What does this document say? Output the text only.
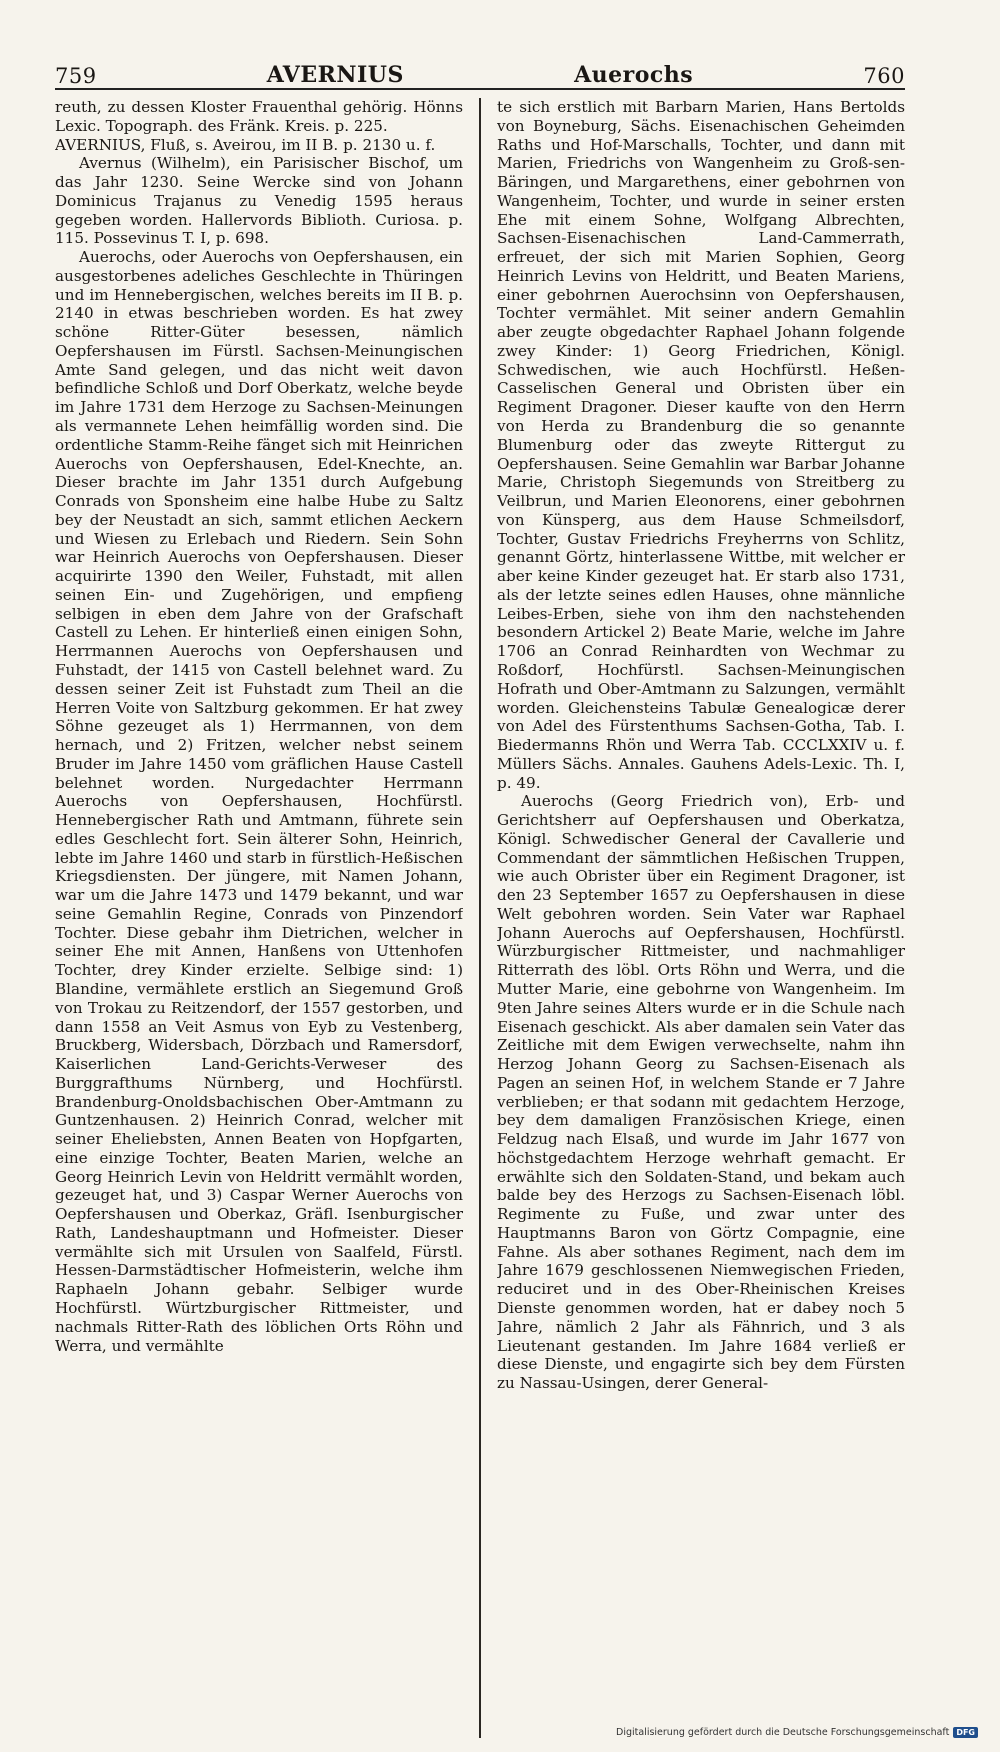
759	AVERNIUS	Auerochs	760

reuth, zu dessen Kloster Frauenthal gehörig. Hönns Lexic. Topograph. des Fränk. Kreis. p. 225.

AVERNIUS, Fluß, s. Aveirou, im II B. p. 2130 u. f.

Avernus (Wilhelm), ein Parisischer Bischof, um das Jahr 1230. Seine Wercke sind von Johann Dominicus Trajanus zu Venedig 1595 heraus gegeben worden. Hallervords Biblioth. Curiosa. p. 115. Possevinus T. I, p. 698.

Auerochs, oder Auerochs von Oepfershausen, ein ausgestorbenes adeliches Geschlechte in Thüringen und im Hennebergischen, welches bereits im II B. p. 2140 in etwas beschrieben worden. Es hat zwey schöne Ritter-Güter besessen, nämlich Oepfershausen im Fürstl. Sachsen-Meinungischen Amte Sand gelegen, und das nicht weit davon befindliche Schloß und Dorf Oberkatz, welche beyde im Jahre 1731 dem Herzoge zu Sachsen-Meinungen als vermannete Lehen heimfällig worden sind. Die ordentliche Stamm-Reihe fänget sich mit Heinrichen Auerochs von Oepfershausen, Edel-Knechte, an. Dieser brachte im Jahr 1351 durch Aufgebung Conrads von Sponsheim eine halbe Hube zu Saltz bey der Neustadt an sich, sammt etlichen Aeckern und Wiesen zu Erlebach und Riedern. Sein Sohn war Heinrich Auerochs von Oepfershausen. Dieser acquirirte 1390 den Weiler, Fuhstadt, mit allen seinen Ein- und Zugehörigen, und empfieng selbigen in eben dem Jahre von der Grafschaft Castell zu Lehen. Er hinterließ einen einigen Sohn, Herrmannen Auerochs von Oepfershausen und Fuhstadt, der 1415 von Castell belehnet ward. Zu dessen seiner Zeit ist Fuhstadt zum Theil an die Herren Voite von Saltzburg gekommen. Er hat zwey Söhne gezeuget als 1) Herrmannen, von dem hernach, und 2) Fritzen, welcher nebst seinem Bruder im Jahre 1450 vom gräflichen Hause Castell belehnet worden. Nurgedachter Herrmann Auerochs von Oepfershausen, Hochfürstl. Hennebergischer Rath und Amtmann, führete sein edles Geschlecht fort. Sein älterer Sohn, Heinrich, lebte im Jahre 1460 und starb in fürstlich-Heßischen Kriegsdiensten. Der jüngere, mit Namen Johann, war um die Jahre 1473 und 1479 bekannt, und war seine Gemahlin Regine, Conrads von Pinzendorf Tochter. Diese gebahr ihm Dietrichen, welcher in seiner Ehe mit Annen, Hanßens von Uttenhofen Tochter, drey Kinder erzielte. Selbige sind: 1) Blandine, vermählete erstlich an Siegemund Groß von Trokau zu Reitzendorf, der 1557 gestorben, und dann 1558 an Veit Asmus von Eyb zu Vestenberg, Bruckberg, Widersbach, Dörzbach und Ramersdorf, Kaiserlichen Land-Gerichts-Verweser des Burggrafthums Nürnberg, und Hochfürstl. Brandenburg-Onoldsbachischen Ober-Amtmann zu Guntzenhausen. 2) Heinrich Conrad, welcher mit seiner Eheliebsten, Annen Beaten von Hopfgarten, eine einzige Tochter, Beaten Marien, welche an Georg Heinrich Levin von Heldritt vermählt worden, gezeuget hat, und 3) Caspar Werner Auerochs von Oepfershausen und Oberkaz, Gräfl. Isenburgischer Rath, Landeshauptmann und Hofmeister. Dieser vermählte sich mit Ursulen von Saalfeld, Fürstl. Hessen-Darmstädtischer Hofmeisterin, welche ihm Raphaeln Johann gebahr. Selbiger wurde Hochfürstl. Würtzburgischer Rittmeister, und nachmals Ritter-Rath des löblichen Orts Röhn und Werra, und vermählte

te sich erstlich mit Barbarn Marien, Hans Bertolds von Boyneburg, Sächs. Eisenachischen Geheimden Raths und Hof-Marschalls, Tochter, und dann mit Marien, Friedrichs von Wangenheim zu Groß-sen-Bäringen, und Margarethens, einer gebohrnen von Wangenheim, Tochter, und wurde in seiner ersten Ehe mit einem Sohne, Wolfgang Albrechten, Sachsen-Eisenachischen Land-Cammerrath, erfreuet, der sich mit Marien Sophien, Georg Heinrich Levins von Heldritt, und Beaten Mariens, einer gebohrnen Auerochsinn von Oepfershausen, Tochter vermählet. Mit seiner andern Gemahlin aber zeugte obgedachter Raphael Johann folgende zwey Kinder: 1) Georg Friedrichen, Königl. Schwedischen, wie auch Hochfürstl. Heßen-Casselischen General und Obristen über ein Regiment Dragoner. Dieser kaufte von den Herrn von Herda zu Brandenburg die so genannte Blumenburg oder das zweyte Rittergut zu Oepfershausen. Seine Gemahlin war Barbar Johanne Marie, Christoph Siegemunds von Streitberg zu Veilbrun, und Marien Eleonorens, einer gebohrnen von Künsperg, aus dem Hause Schmeilsdorf, Tochter, Gustav Friedrichs Freyherrns von Schlitz, genannt Görtz, hinterlassene Wittbe, mit welcher er aber keine Kinder gezeuget hat. Er starb also 1731, als der letzte seines edlen Hauses, ohne männliche Leibes-Erben, siehe von ihm den nachstehenden besondern Artickel 2) Beate Marie, welche im Jahre 1706 an Conrad Reinhardten von Wechmar zu Roßdorf, Hochfürstl. Sachsen-Meinungischen Hofrath und Ober-Amtmann zu Salzungen, vermählt worden. Gleichensteins Tabulæ Genealogicæ derer von Adel des Fürstenthums Sachsen-Gotha, Tab. I. Biedermanns Rhön und Werra Tab. CCCLXXIV u. f. Müllers Sächs. Annales. Gauhens Adels-Lexic. Th. I, p. 49.

Auerochs (Georg Friedrich von), Erb- und Gerichtsherr auf Oepfershausen und Oberkatza, Königl. Schwedischer General der Cavallerie und Commendant der sämmtlichen Heßischen Truppen, wie auch Obrister über ein Regiment Dragoner, ist den 23 September 1657 zu Oepfershausen in diese Welt gebohren worden. Sein Vater war Raphael Johann Auerochs auf Oepfershausen, Hochfürstl. Würzburgischer Rittmeister, und nachmahliger Ritterrath des löbl. Orts Röhn und Werra, und die Mutter Marie, eine gebohrne von Wangenheim. Im 9ten Jahre seines Alters wurde er in die Schule nach Eisenach geschickt. Als aber damalen sein Vater das Zeitliche mit dem Ewigen verwechselte, nahm ihn Herzog Johann Georg zu Sachsen-Eisenach als Pagen an seinen Hof, in welchem Stande er 7 Jahre verblieben; er that sodann mit gedachtem Herzoge, bey dem damaligen Französischen Kriege, einen Feldzug nach Elsaß, und wurde im Jahr 1677 von höchstgedachtem Herzoge wehrhaft gemacht. Er erwählte sich den Soldaten-Stand, und bekam auch balde bey des Herzogs zu Sachsen-Eisenach löbl. Regimente zu Fuße, und zwar unter des Hauptmanns Baron von Görtz Compagnie, eine Fahne. Als aber sothanes Regiment, nach dem im Jahre 1679 geschlossenen Niemwegischen Frieden, reduciret und in des Ober-Rheinischen Kreises Dienste genommen worden, hat er dabey noch 5 Jahre, nämlich 2 Jahr als Fähnrich, und 3 als Lieutenant gestanden. Im Jahre 1684 verließ er diese Dienste, und engagirte sich bey dem Fürsten zu Nassau-Usingen, derer General-

Digitalisierung gefördert durch die Deutsche Forschungsgemeinschaft DFG
